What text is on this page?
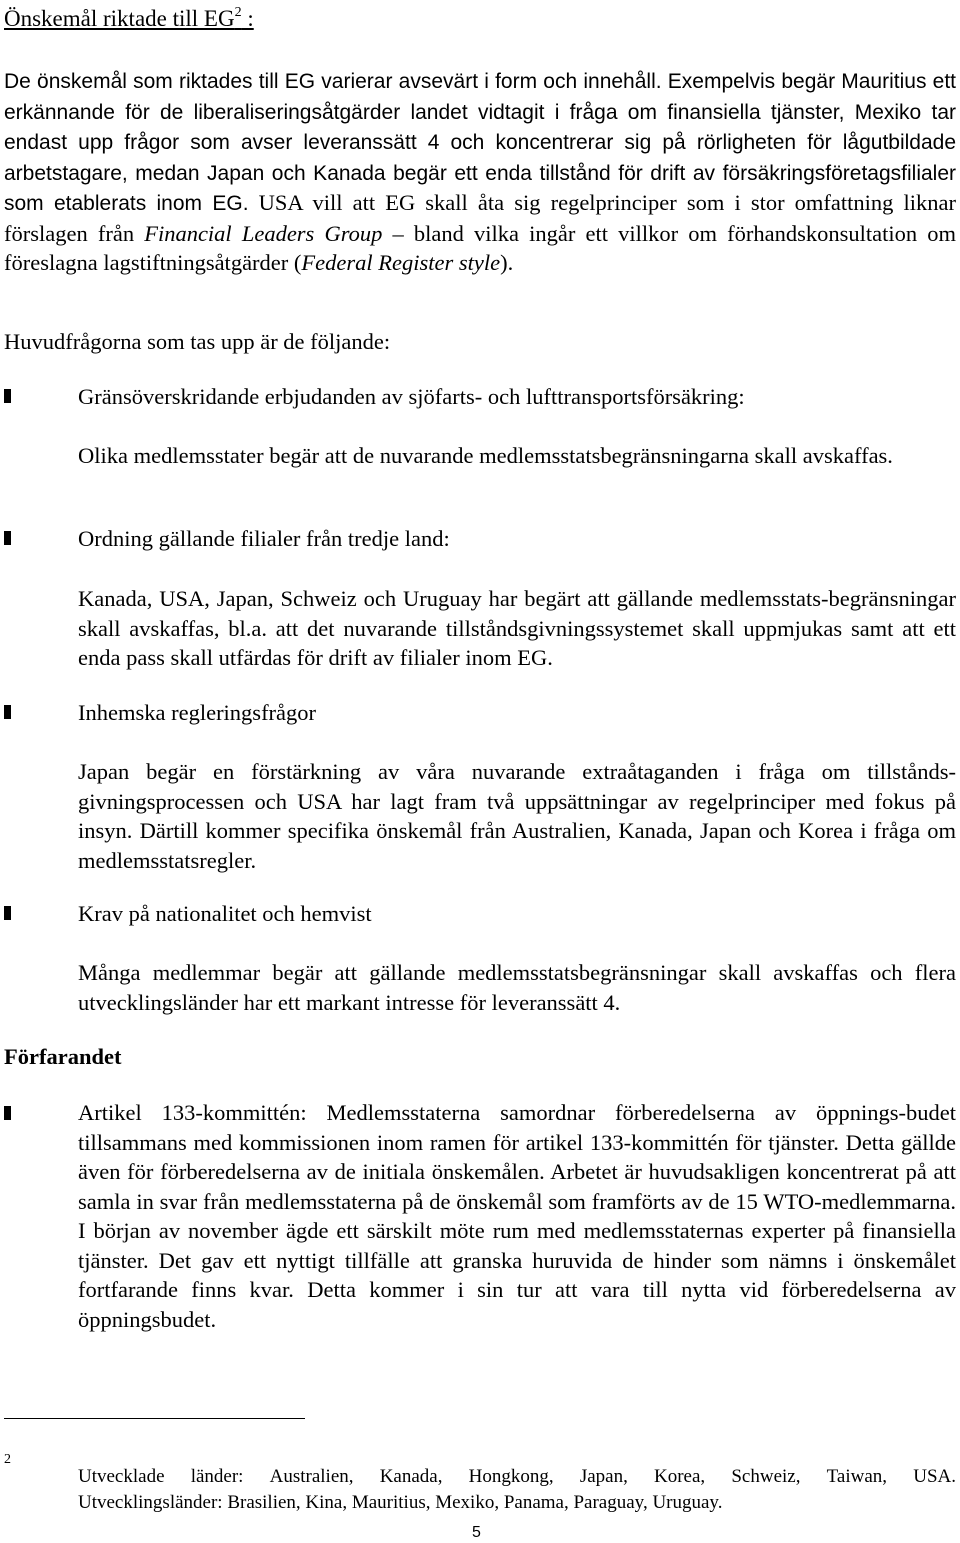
Önskemål riktade till $EG^2$ :

De önskemål som riktades till EG varierar avsevärt i form och innehåll. Exempelvis begär Mauritius ett erkännande för de liberaliseringsåtgärder landet vidtagit i fråga om finansiella tjänster, Mexiko tar endast upp frågor som avser leveranssätt 4 och koncentrerar sig på rörligheten för lågutbildade arbetstagare, medan Japan och Kanada begär ett enda tillstånd för drift av försäkringsföretagsfilialer som etablerats inom EG. USA vill att EG skall åta sig regelprinciper som i stor omfattning liknar förslagen från Financial Leaders Group – bland vilka ingår ett villkor om förhandskonsultation om föreslagna lagstiftningsåtgärder (Federal Register style).

Huvudfrågorna som tas upp är de följande:

Gränsöverskridande erbjudanden av sjöfarts- och lufttransportsförsäkring:

Olika medlemsstater begär att de nuvarande medlemsstatsbegränsningarna skall avskaffas.

Ordning gällande filialer från tredje land:

Kanada, USA, Japan, Schweiz och Uruguay har begärt att gällande medlemsstats-begränsningar skall avskaffas, bl.a. att det nuvarande tillståndsgivningssystemet skall uppmjukas samt att ett enda pass skall utfärdas för drift av filialer inom EG.

Inhemska regleringsfrågor

Japan begär en förstärkning av våra nuvarande extraåtaganden i fråga om tillstånds-givningsprocessen och USA har lagt fram två uppsättningar av regelprinciper med fokus på insyn. Därtill kommer specifika önskemål från Australien, Kanada, Japan och Korea i fråga om medlemsstatsregler.

Krav på nationalitet och hemvist

Många medlemmar begär att gällande medlemsstatsbegränsningar skall avskaffas och flera utvecklingsländer har ett markant intresse för leveranssätt 4.

Förfarandet

Artikel 133-kommittén: Medlemsstaterna samordnar förberedelserna av öppnings-budet tillsammans med kommissionen inom ramen för artikel 133-kommittén för tjänster. Detta gällde även för förberedelserna av de initiala önskemålen. Arbetet är huvudsakligen koncentrerat på att samla in svar från medlemsstaterna på de önskemål som framförts av de 15 WTO-medlemmarna. I början av november ägde ett särskilt möte rum med medlemsstaternas experter på finansiella tjänster. Det gav ett nyttigt tillfälle att granska huruvida de hinder som nämns i önskemålet fortfarande finns kvar. Detta kommer i sin tur att vara till nytta vid förberedelserna av öppningsbudet.

2
Utvecklade länder: Australien, Kanada, Hongkong, Japan, Korea, Schweiz, Taiwan, USA.
Utvecklingsländer: Brasilien, Kina, Mauritius, Mexiko, Panama, Paraguay, Uruguay.
5
